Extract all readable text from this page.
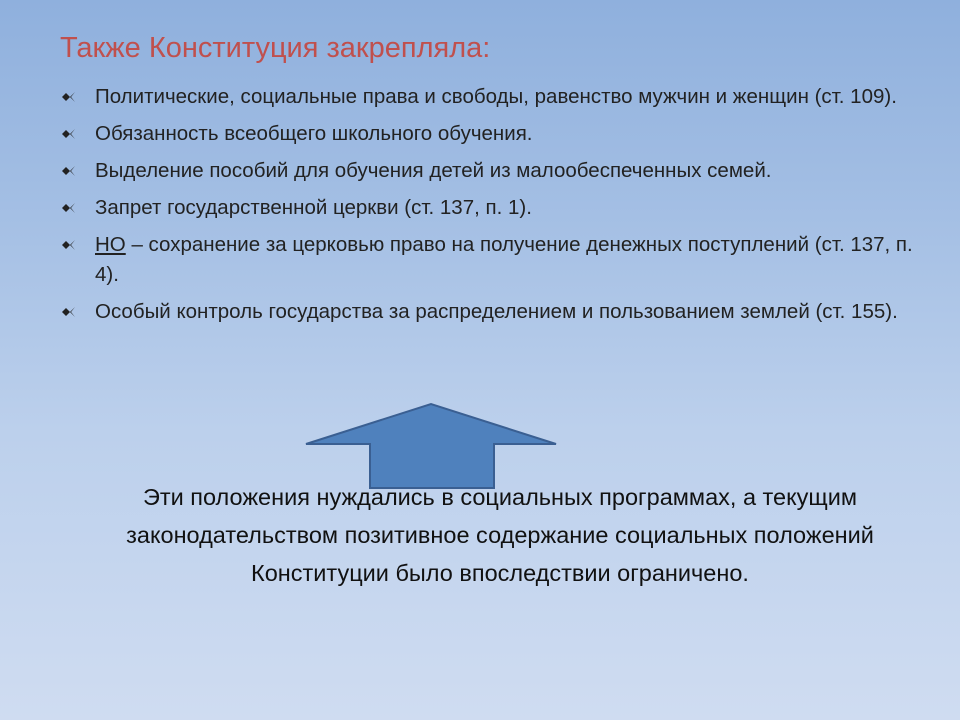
Также Конституция закрепляла:
Политические, социальные права и свободы, равенство мужчин и женщин (ст. 109).
Обязанность всеобщего школьного обучения.
Выделение пособий для обучения детей из малообеспеченных семей.
Запрет государственной церкви (ст. 137, п. 1).
НО – сохранение за церковью право на получение денежных поступлений (ст. 137, п. 4).
Особый контроль государства за распределением и пользованием землей (ст. 155).
Эти положения нуждались в социальных программах, а текущим законодательством позитивное содержание социальных положений Конституции было впоследствии ограничено.
